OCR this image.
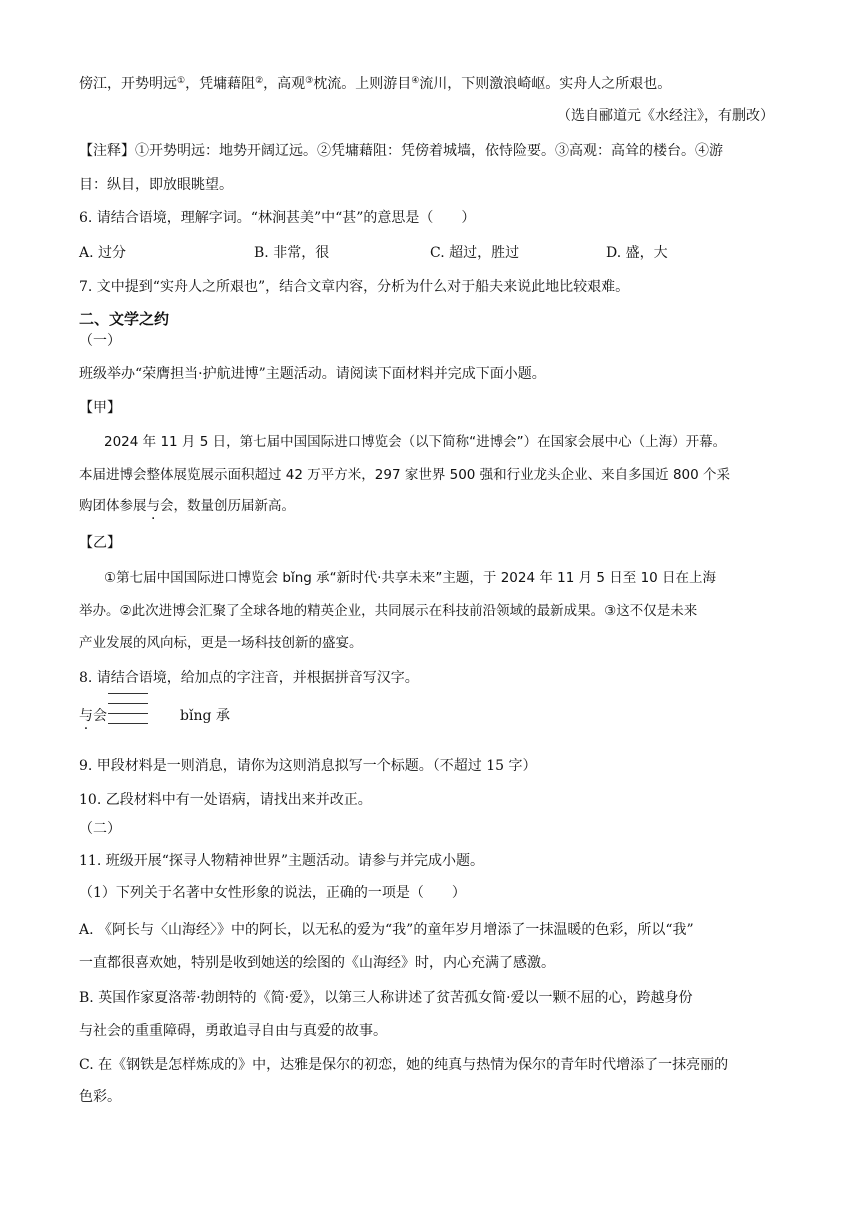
傍江，开势明远①，凭墉藉阻②，高观③枕流。上则游目④流川，下则激浪崎岖。实舟人之所艰也。
（选自郦道元《水经注》，有删改）
【注释】①开势明远：地势开阔辽远。②凭墉藉阻：凭傍着城墙，依恃险要。③高观：高耸的楼台。④游
目：纵目，即放眼眺望。
6. 请结合语境，理解字词。“林涧甚美”中“甚”的意思是（　　）
A. 过分	B. 非常，很	C. 超过，胜过	D. 盛，大
7. 文中提到“实舟人之所艰也”，结合文章内容，分析为什么对于船夫来说此地比较艰难。
二、文学之约
（一）
班级举办“荣膺担当·护航进博”主题活动。请阅读下面材料并完成下面小题。
【甲】
2024 年 11 月 5 日，第七届中国国际进口博览会（以下简称“进博会”）在国家会展中心（上海）开幕。
本届进博会整体展览展示面积超过 42 万平方米，297 家世界 500 强和行业龙头企业、来自多国近 800 个采
购团体参展与会，数量创历届新高。
【乙】
①第七届中国国际进口博览会 bǐng 承“新时代·共享未来”主题，于 2024 年 11 月 5 日至 10 日在上海
举办。②此次进博会汇聚了全球各地的精英企业，共同展示在科技前沿领域的最新成果。③这不仅是未来
产业发展的风向标，更是一场科技创新的盛宴。
8. 请结合语境，给加点的字注音，并根据拼音写汉字。
与会	bǐng 承
9. 甲段材料是一则消息，请你为这则消息拟写一个标题。（不超过 15 字）
10. 乙段材料中有一处语病，请找出来并改正。
（二）
11. 班级开展“探寻人物精神世界”主题活动。请参与并完成小题。
（1）下列关于名著中女性形象的说法，正确的一项是（　　）
A. 《阿长与〈山海经〉》中的阿长，以无私的爱为“我”的童年岁月增添了一抹温暖的色彩，所以“我”
一直都很喜欢她，特别是收到她送的绘图的《山海经》时，内心充满了感激。
B. 英国作家夏洛蒂·勃朗特的《简·爱》，以第三人称讲述了贫苦孤女简·爱以一颗不屈的心，跨越身份
与社会的重重障碍，勇敢追寻自由与真爱的故事。
C. 在《钢铁是怎样炼成的》中，达雅是保尔的初恋，她的纯真与热情为保尔的青年时代增添了一抹亮丽的
色彩。
